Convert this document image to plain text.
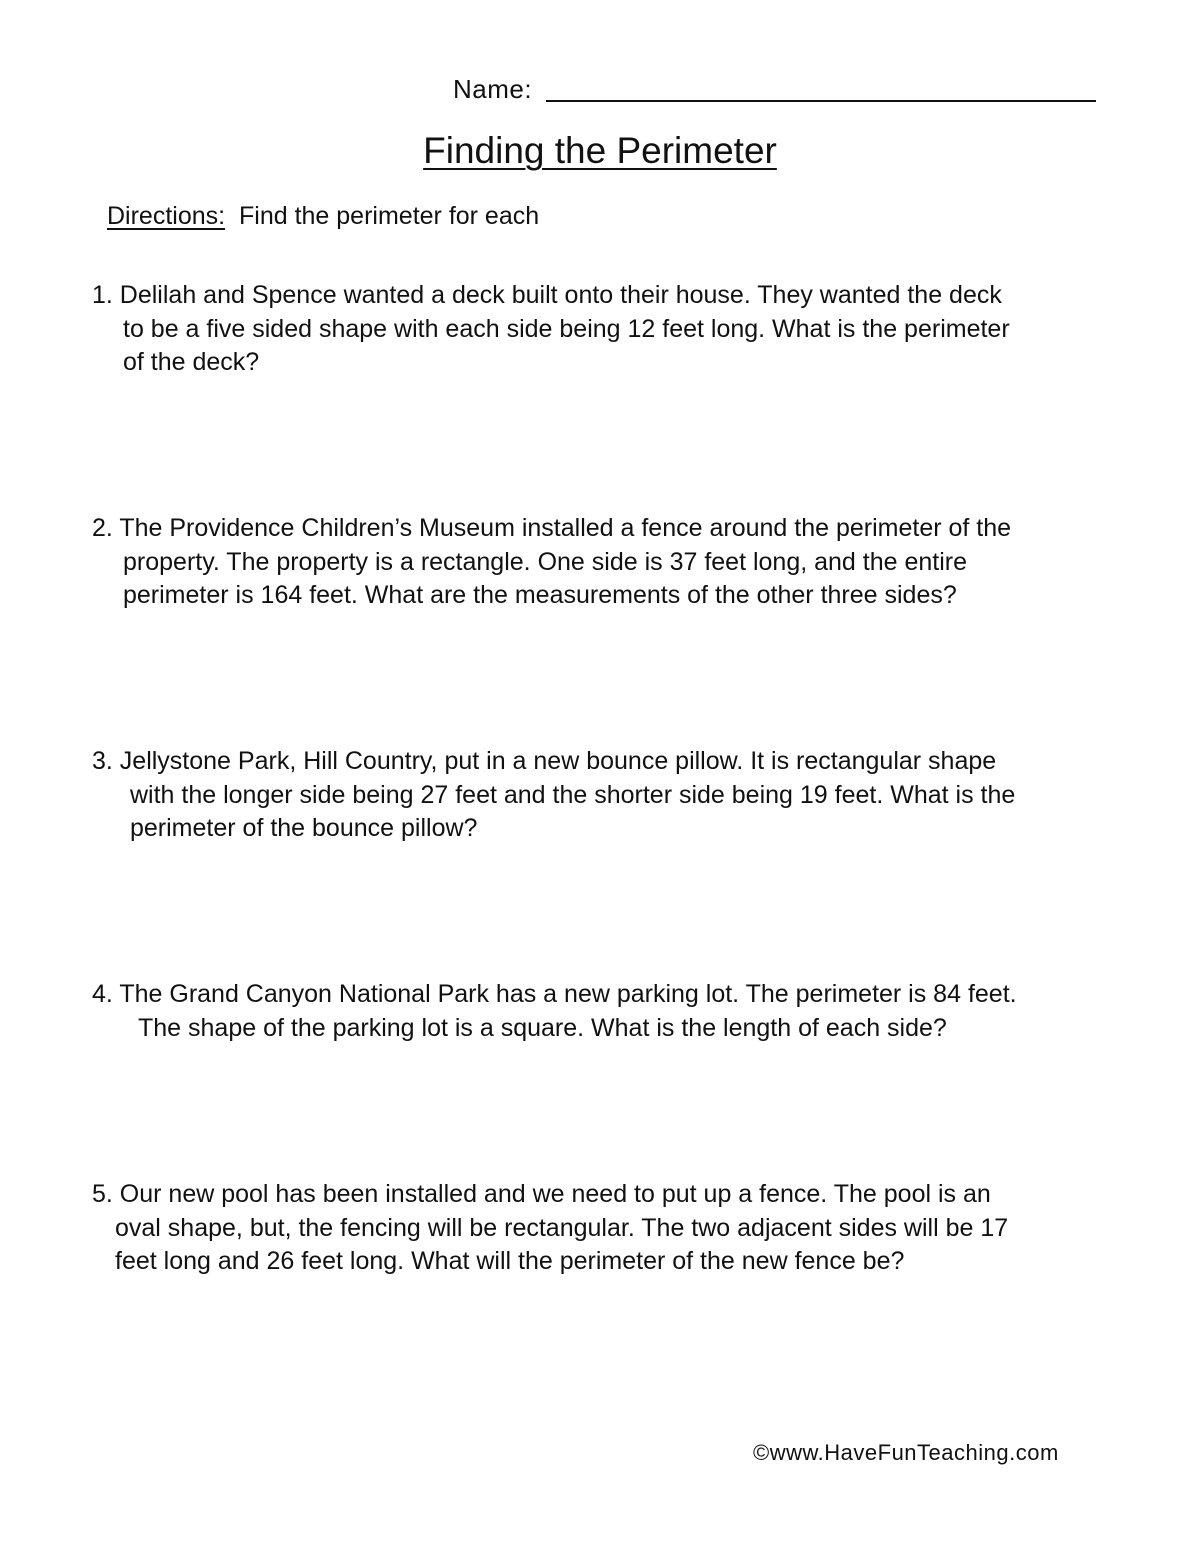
Name:
Finding the Perimeter
Directions: Find the perimeter for each
1. Delilah and Spence wanted a deck built onto their house. They wanted the deck
to be a five sided shape with each side being 12 feet long. What is the perimeter
of the deck?
2. The Providence Children’s Museum installed a fence around the perimeter of the
property. The property is a rectangle. One side is 37 feet long, and the entire
perimeter is 164 feet. What are the measurements of the other three sides?
3. Jellystone Park, Hill Country, put in a new bounce pillow. It is rectangular shape
with the longer side being 27 feet and the shorter side being 19 feet. What is the
perimeter of the bounce pillow?
4. The Grand Canyon National Park has a new parking lot. The perimeter is 84 feet.
The shape of the parking lot is a square. What is the length of each side?
5. Our new pool has been installed and we need to put up a fence. The pool is an
oval shape, but, the fencing will be rectangular. The two adjacent sides will be 17
feet long and 26 feet long. What will the perimeter of the new fence be?
©www.HaveFunTeaching.com
